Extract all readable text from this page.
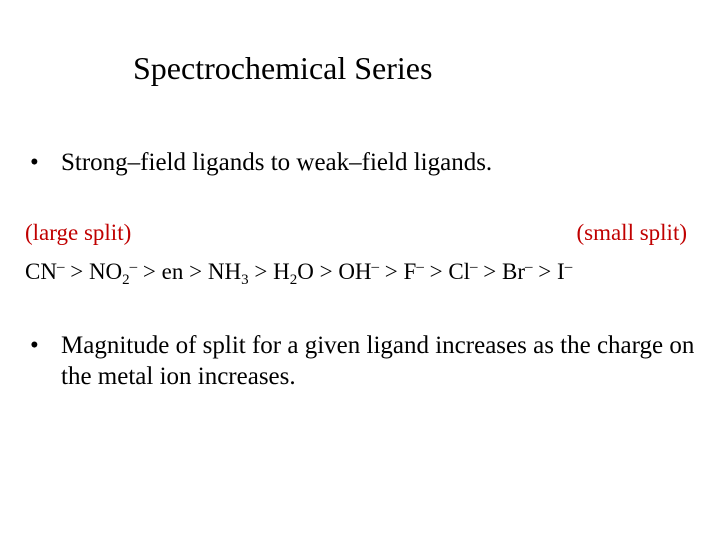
Spectrochemical Series
• Strong–field ligands to weak–field ligands.
(large split)	(small split)
$CN^- > NO_2^-$ > en > $NH_3 > H_2O > OH^- > F^- > Cl^- > Br^- > I^-$
• Magnitude of split for a given ligand increases as the charge on the metal ion increases.
